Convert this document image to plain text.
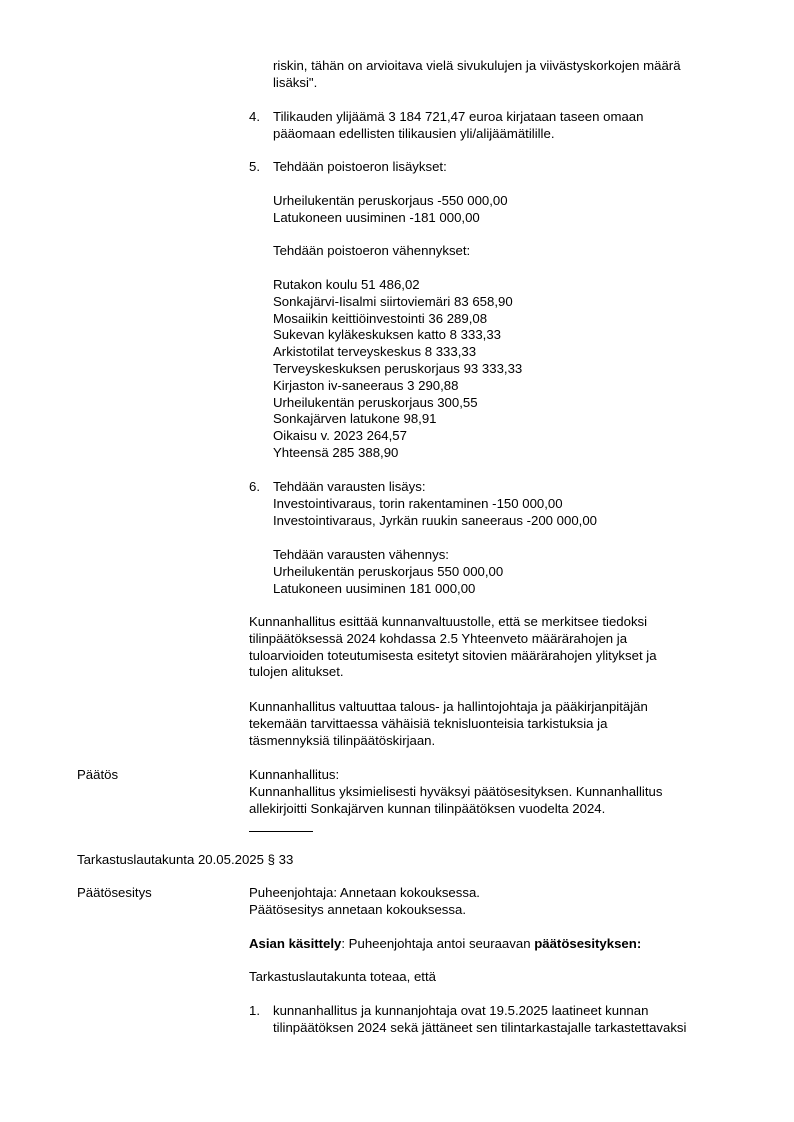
riskin, tähän on arvioitava vielä sivukulujen ja viivästyskorkojen määrä

lisäksi".

4. Tilikauden ylijäämä 3 184 721,47 euroa kirjataan taseen omaan

pääomaan edellisten tilikausien yli/alijäämätilille.

5. Tehdään poistoeron lisäykset:

Urheilukentän peruskorjaus -550 000,00

Latukoneen uusiminen -181 000,00

Tehdään poistoeron vähennykset:

Rutakon koulu 51 486,02

Sonkajärvi-Iisalmi siirtoviemäri 83 658,90

Mosaiikin keittiöinvestointi 36 289,08

Sukevan kyläkeskuksen katto 8 333,33

Arkistotilat terveyskeskus 8 333,33

Terveyskeskuksen peruskorjaus 93 333,33

Kirjaston iv-saneeraus 3 290,88

Urheilukentän peruskorjaus 300,55

Sonkajärven latukone 98,91

Oikaisu v. 2023 264,57

Yhteensä 285 388,90

6. Tehdään varausten lisäys:

Investointivaraus, torin rakentaminen -150 000,00

Investointivaraus, Jyrkän ruukin saneeraus -200 000,00

Tehdään varausten vähennys:

Urheilukentän peruskorjaus 550 000,00

Latukoneen uusiminen 181 000,00

Kunnanhallitus esittää kunnanvaltuustolle, että se merkitsee tiedoksi

tilinpäätöksessä 2024 kohdassa 2.5 Yhteenveto määrärahojen ja

tuloarvioiden toteutumisesta esitetyt sitovien määrärahojen ylitykset ja

tulojen alitukset.

Kunnanhallitus valtuuttaa talous- ja hallintojohtaja ja pääkirjanpitäjän

tekemään tarvittaessa vähäisiä teknisluonteisia tarkistuksia ja

täsmennyksiä tilinpäätöskirjaan.

Päätös	Kunnanhallitus:

Kunnanhallitus yksimielisesti hyväksyi päätösesityksen. Kunnanhallitus

allekirjoitti Sonkajärven kunnan tilinpäätöksen vuodelta 2024.

Tarkastuslautakunta 20.05.2025 § 33
Päätösesitys	Puheenjohtaja: Annetaan kokouksessa.

Päätösesitys annetaan kokouksessa.

Asian käsittely: Puheenjohtaja antoi seuraavan päätösesityksen:
Tarkastuslautakunta toteaa, että
1. kunnanhallitus ja kunnanjohtaja ovat 19.5.2025 laatineet kunnan

tilinpäätöksen 2024 sekä jättäneet sen tilintarkastajalle tarkastettavaksi
